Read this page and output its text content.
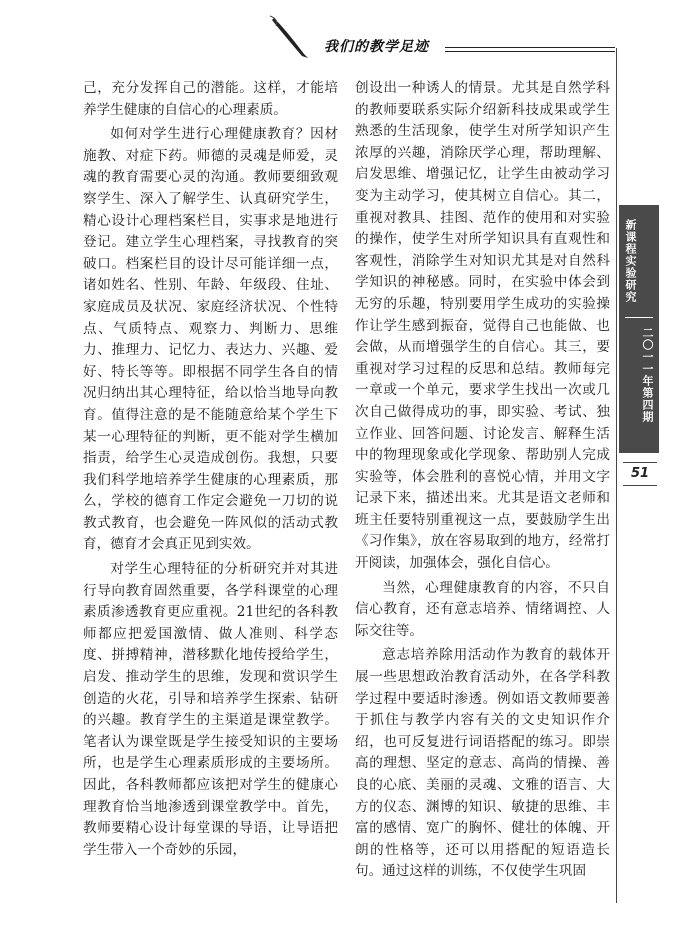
我们的教学足迹

己，充分发挥自己的潜能。这样，才能培养学生健康的自信心的心理素质。

如何对学生进行心理健康教育？因材施教、对症下药。师德的灵魂是师爱，灵魂的教育需要心灵的沟通。教师要细致观察学生、深入了解学生、认真研究学生，精心设计心理档案栏目，实事求是地进行登记。建立学生心理档案，寻找教育的突破口。档案栏目的设计尽可能详细一点，诸如姓名、性别、年龄、年级段、住址、家庭成员及状况、家庭经济状况、个性特点、气质特点、观察力、判断力、思维力、推理力、记忆力、表达力、兴趣、爱好、特长等等。即根据不同学生各自的情况归纳出其心理特征，给以恰当地导向教育。值得注意的是不能随意给某个学生下某一心理特征的判断，更不能对学生横加指责，给学生心灵造成创伤。我想，只要我们科学地培养学生健康的心理素质，那么，学校的德育工作定会避免一刀切的说教式教育，也会避免一阵风似的活动式教育，德育才会真正见到实效。

对学生心理特征的分析研究并对其进行导向教育固然重要，各学科课堂的心理素质渗透教育更应重视。21世纪的各科教师都应把爱国激情、做人准则、科学态度、拼搏精神，潜移默化地传授给学生，启发、推动学生的思维，发现和赏识学生创造的火花，引导和培养学生探索、钻研的兴趣。教育学生的主渠道是课堂教学。笔者认为课堂既是学生接受知识的主要场所，也是学生心理素质形成的主要场所。因此，各科教师都应该把对学生的健康心理教育恰当地渗透到课堂教学中。首先，教师要精心设计每堂课的导语，让导语把学生带入一个奇妙的乐园，

创设出一种诱人的情景。尤其是自然学科的教师要联系实际介绍新科技成果或学生熟悉的生活现象，使学生对所学知识产生浓厚的兴趣，消除厌学心理，帮助理解、启发思维、增强记忆，让学生由被动学习变为主动学习，使其树立自信心。其二，重视对教具、挂图、范作的使用和对实验的操作，使学生对所学知识具有直观性和客观性，消除学生对知识尤其是对自然科学知识的神秘感。同时，在实验中体会到无穷的乐趣，特别要用学生成功的实验操作让学生感到振奋，觉得自己也能做、也会做，从而增强学生的自信心。其三，要重视对学习过程的反思和总结。教师每完一章或一个单元，要求学生找出一次或几次自己做得成功的事，即实验、考试、独立作业、回答问题、讨论发言、解释生活中的物理现象或化学现象、帮助别人完成实验等，体会胜利的喜悦心情，并用文字记录下来，描述出来。尤其是语文老师和班主任要特别重视这一点，要鼓励学生出《习作集》，放在容易取到的地方，经常打开阅读，加强体会，强化自信心。

当然，心理健康教育的内容，不只自信心教育，还有意志培养、情绪调控、人际交往等。

意志培养除用活动作为教育的载体开展一些思想政治教育活动外，在各学科教学过程中要适时渗透。例如语文教师要善于抓住与教学内容有关的文史知识作介绍，也可反复进行词语搭配的练习。即崇高的理想、坚定的意志、高尚的情操、善良的心底、美丽的灵魂、文雅的语言、大方的仪态、渊博的知识、敏捷的思维、丰富的感情、宽广的胸怀、健壮的体魄、开朗的性格等，还可以用搭配的短语造长句。通过这样的训练，不仅使学生巩固

新课程实验研究
二〇一一年第四期
51
